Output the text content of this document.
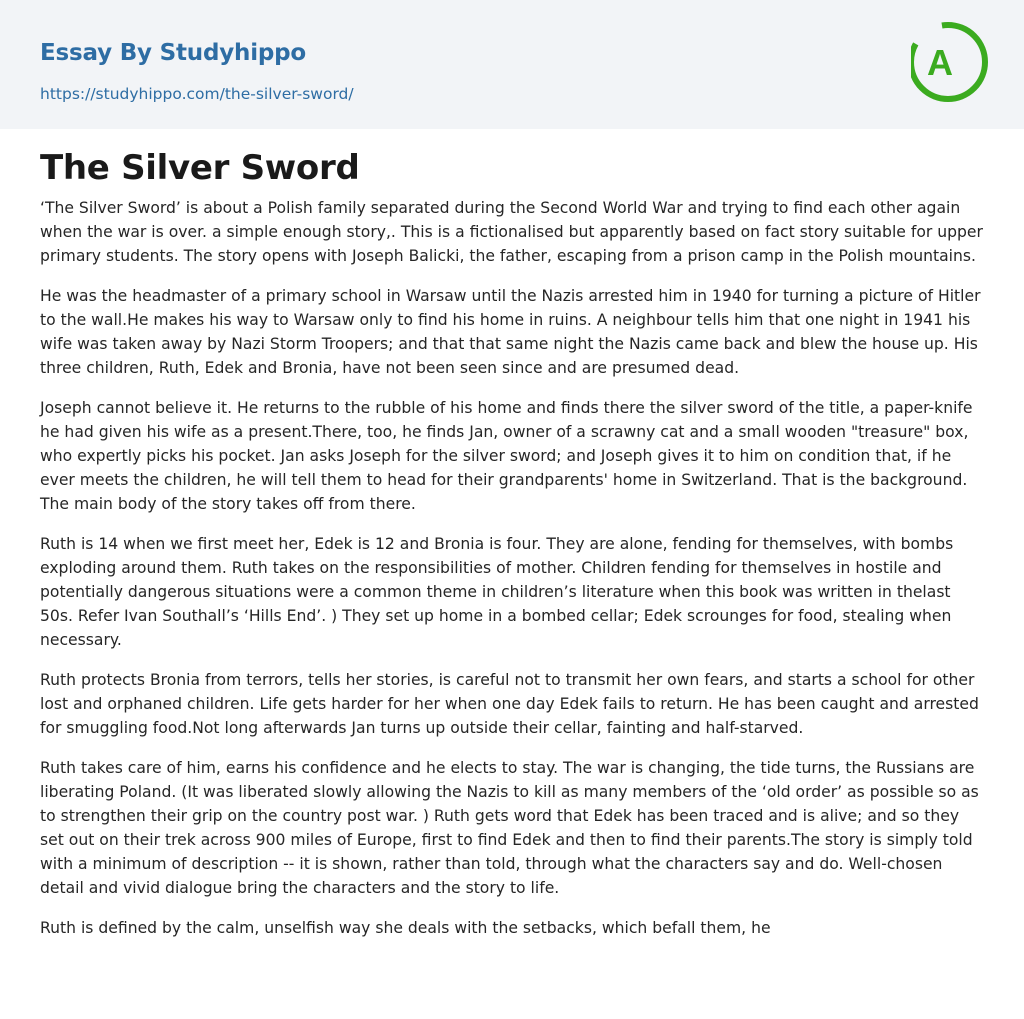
Essay By Studyhippo
https://studyhippo.com/the-silver-sword/
A
The Silver Sword

‘The Silver Sword’ is about a Polish family separated during the Second World War and trying to find each other again when the war is over. a simple enough story,. This is a fictionalised but apparently based on fact story suitable for upper primary students. The story opens with Joseph Balicki, the father, escaping from a prison camp in the Polish mountains.

He was the headmaster of a primary school in Warsaw until the Nazis arrested him in 1940 for turning a picture of Hitler to the wall.He makes his way to Warsaw only to find his home in ruins. A neighbour tells him that one night in 1941 his wife was taken away by Nazi Storm Troopers; and that that same night the Nazis came back and blew the house up. His three children, Ruth, Edek and Bronia, have not been seen since and are presumed dead.

Joseph cannot believe it. He returns to the rubble of his home and finds there the silver sword of the title, a paper-knife he had given his wife as a present.There, too, he finds Jan, owner of a scrawny cat and a small wooden "treasure" box, who expertly picks his pocket. Jan asks Joseph for the silver sword; and Joseph gives it to him on condition that, if he ever meets the children, he will tell them to head for their grandparents' home in Switzerland. That is the background. The main body of the story takes off from there.

Ruth is 14 when we first meet her, Edek is 12 and Bronia is four. They are alone, fending for themselves, with bombs exploding around them. Ruth takes on the responsibilities of mother. Children fending for themselves in hostile and potentially dangerous situations were a common theme in children’s literature when this book was written in thelast 50s. Refer Ivan Southall’s ‘Hills End’. ) They set up home in a bombed cellar; Edek scrounges for food, stealing when necessary.

Ruth protects Bronia from terrors, tells her stories, is careful not to transmit her own fears, and starts a school for other lost and orphaned children. Life gets harder for her when one day Edek fails to return. He has been caught and arrested for smuggling food.Not long afterwards Jan turns up outside their cellar, fainting and half-starved.

Ruth takes care of him, earns his confidence and he elects to stay. The war is changing, the tide turns, the Russians are liberating Poland. (It was liberated slowly allowing the Nazis to kill as many members of the ‘old order’ as possible so as to strengthen their grip on the country post war. ) Ruth gets word that Edek has been traced and is alive; and so they set out on their trek across 900 miles of Europe, first to find Edek and then to find their parents.The story is simply told with a minimum of description -- it is shown, rather than told, through what the characters say and do. Well-chosen detail and vivid dialogue bring the characters and the story to life.

Ruth is defined by the calm, unselfish way she deals with the setbacks, which befall them, he
